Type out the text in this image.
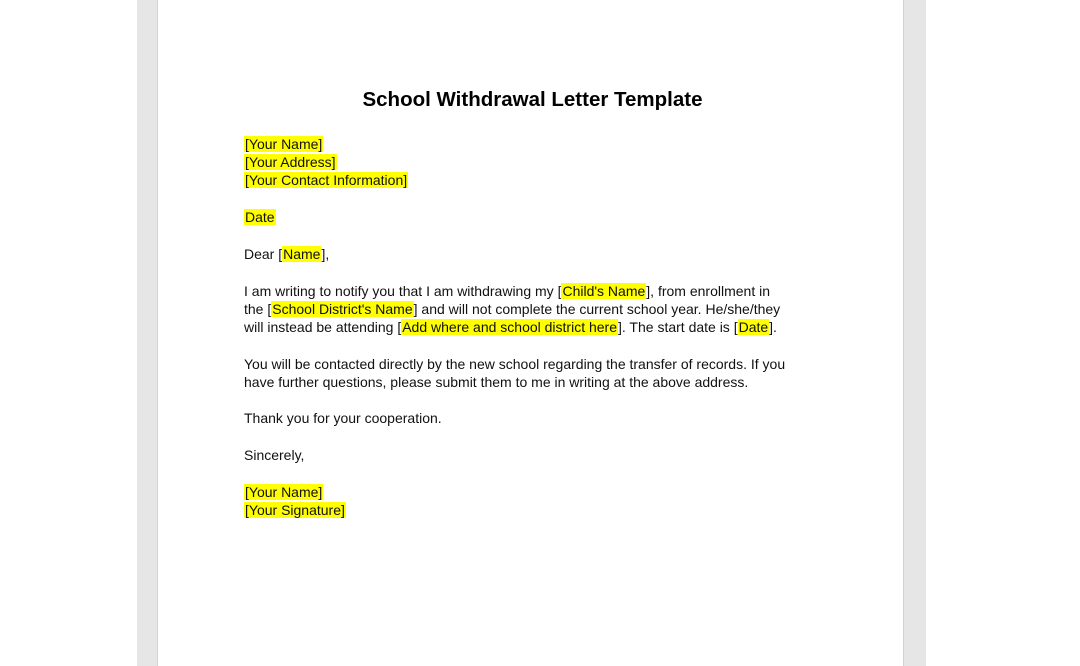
School Withdrawal Letter Template
[Your Name]
[Your Address]
[Your Contact Information]
Date
Dear [Name],
I am writing to notify you that I am withdrawing my [Child's Name], from enrollment in
the [School District's Name] and will not complete the current school year. He/she/they
will instead be attending [Add where and school district here]. The start date is [Date].
You will be contacted directly by the new school regarding the transfer of records. If you
have further questions, please submit them to me in writing at the above address.
Thank you for your cooperation.
Sincerely,
[Your Name]
[Your Signature]
